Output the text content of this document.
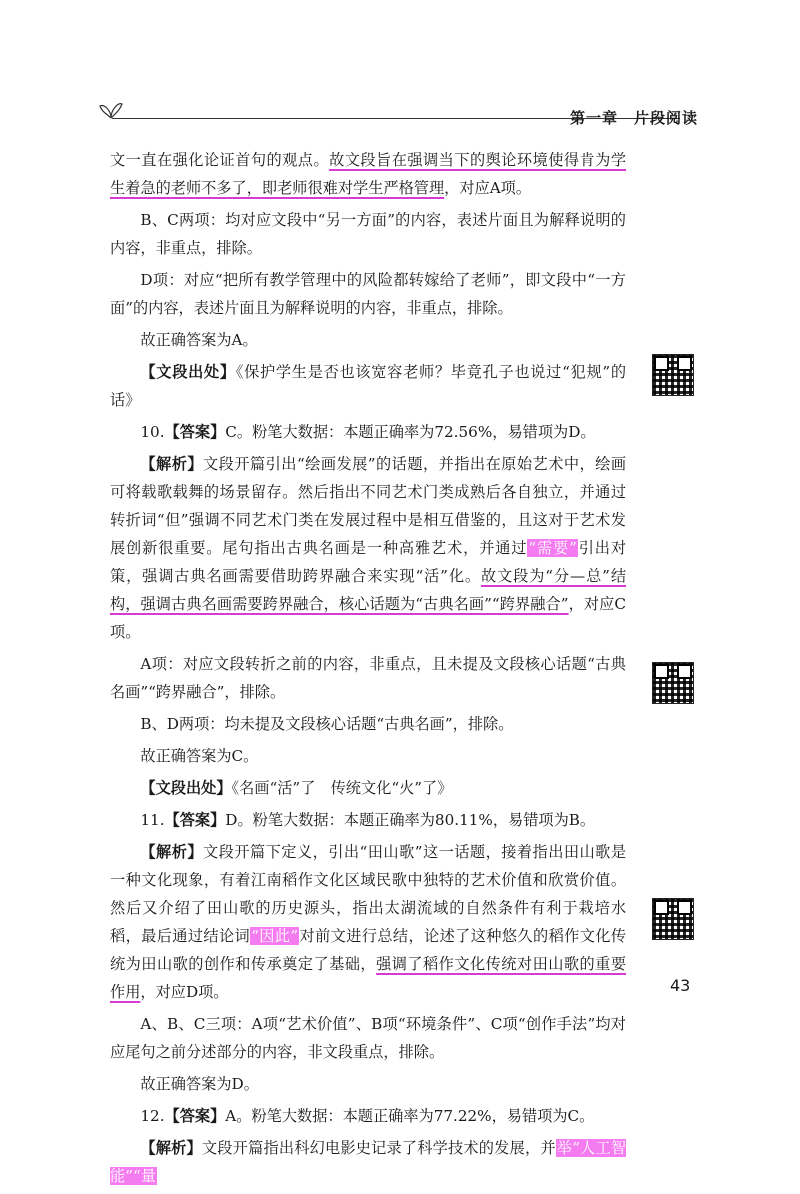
第一章　片段阅读

文一直在强化论证首句的观点。故文段旨在强调当下的舆论环境使得肯为学生着急的老师不多了，即老师很难对学生严格管理，对应A项。

B、C两项：均对应文段中“另一方面”的内容，表述片面且为解释说明的内容，非重点，排除。

D项：对应“把所有教学管理中的风险都转嫁给了老师”，即文段中“一方面”的内容，表述片面且为解释说明的内容，非重点，排除。

故正确答案为A。

【文段出处】《保护学生是否也该宽容老师？毕竟孔子也说过“犯规”的话》

10.【答案】C。粉笔大数据：本题正确率为72.56%，易错项为D。

【解析】文段开篇引出“绘画发展”的话题，并指出在原始艺术中，绘画可将载歌载舞的场景留存。然后指出不同艺术门类成熟后各自独立，并通过转折词“但”强调不同艺术门类在发展过程中是相互借鉴的，且这对于艺术发展创新很重要。尾句指出古典名画是一种高雅艺术，并通过“需要”引出对策，强调古典名画需要借助跨界融合来实现“活”化。故文段为“分—总”结构，强调古典名画需要跨界融合，核心话题为“古典名画”“跨界融合”，对应C项。

A项：对应文段转折之前的内容，非重点，且未提及文段核心话题“古典名画”“跨界融合”，排除。

B、D两项：均未提及文段核心话题“古典名画”，排除。

故正确答案为C。

【文段出处】《名画“活”了　传统文化“火”了》

11.【答案】D。粉笔大数据：本题正确率为80.11%，易错项为B。

【解析】文段开篇下定义，引出“田山歌”这一话题，接着指出田山歌是一种文化现象，有着江南稻作文化区域民歌中独特的艺术价值和欣赏价值。然后又介绍了田山歌的历史源头，指出太湖流域的自然条件有利于栽培水稻，最后通过结论词“因此”对前文进行总结，论述了这种悠久的稻作文化传统为田山歌的创作和传承奠定了基础，强调了稻作文化传统对田山歌的重要作用，对应D项。

A、B、C三项：A项“艺术价值”、B项“环境条件”、C项“创作手法”均对应尾句之前分述部分的内容，非文段重点，排除。

故正确答案为D。

12.【答案】A。粉笔大数据：本题正确率为77.22%，易错项为C。

【解析】文段开篇指出科幻电影史记录了科学技术的发展，并举“人工智能”“量

43
